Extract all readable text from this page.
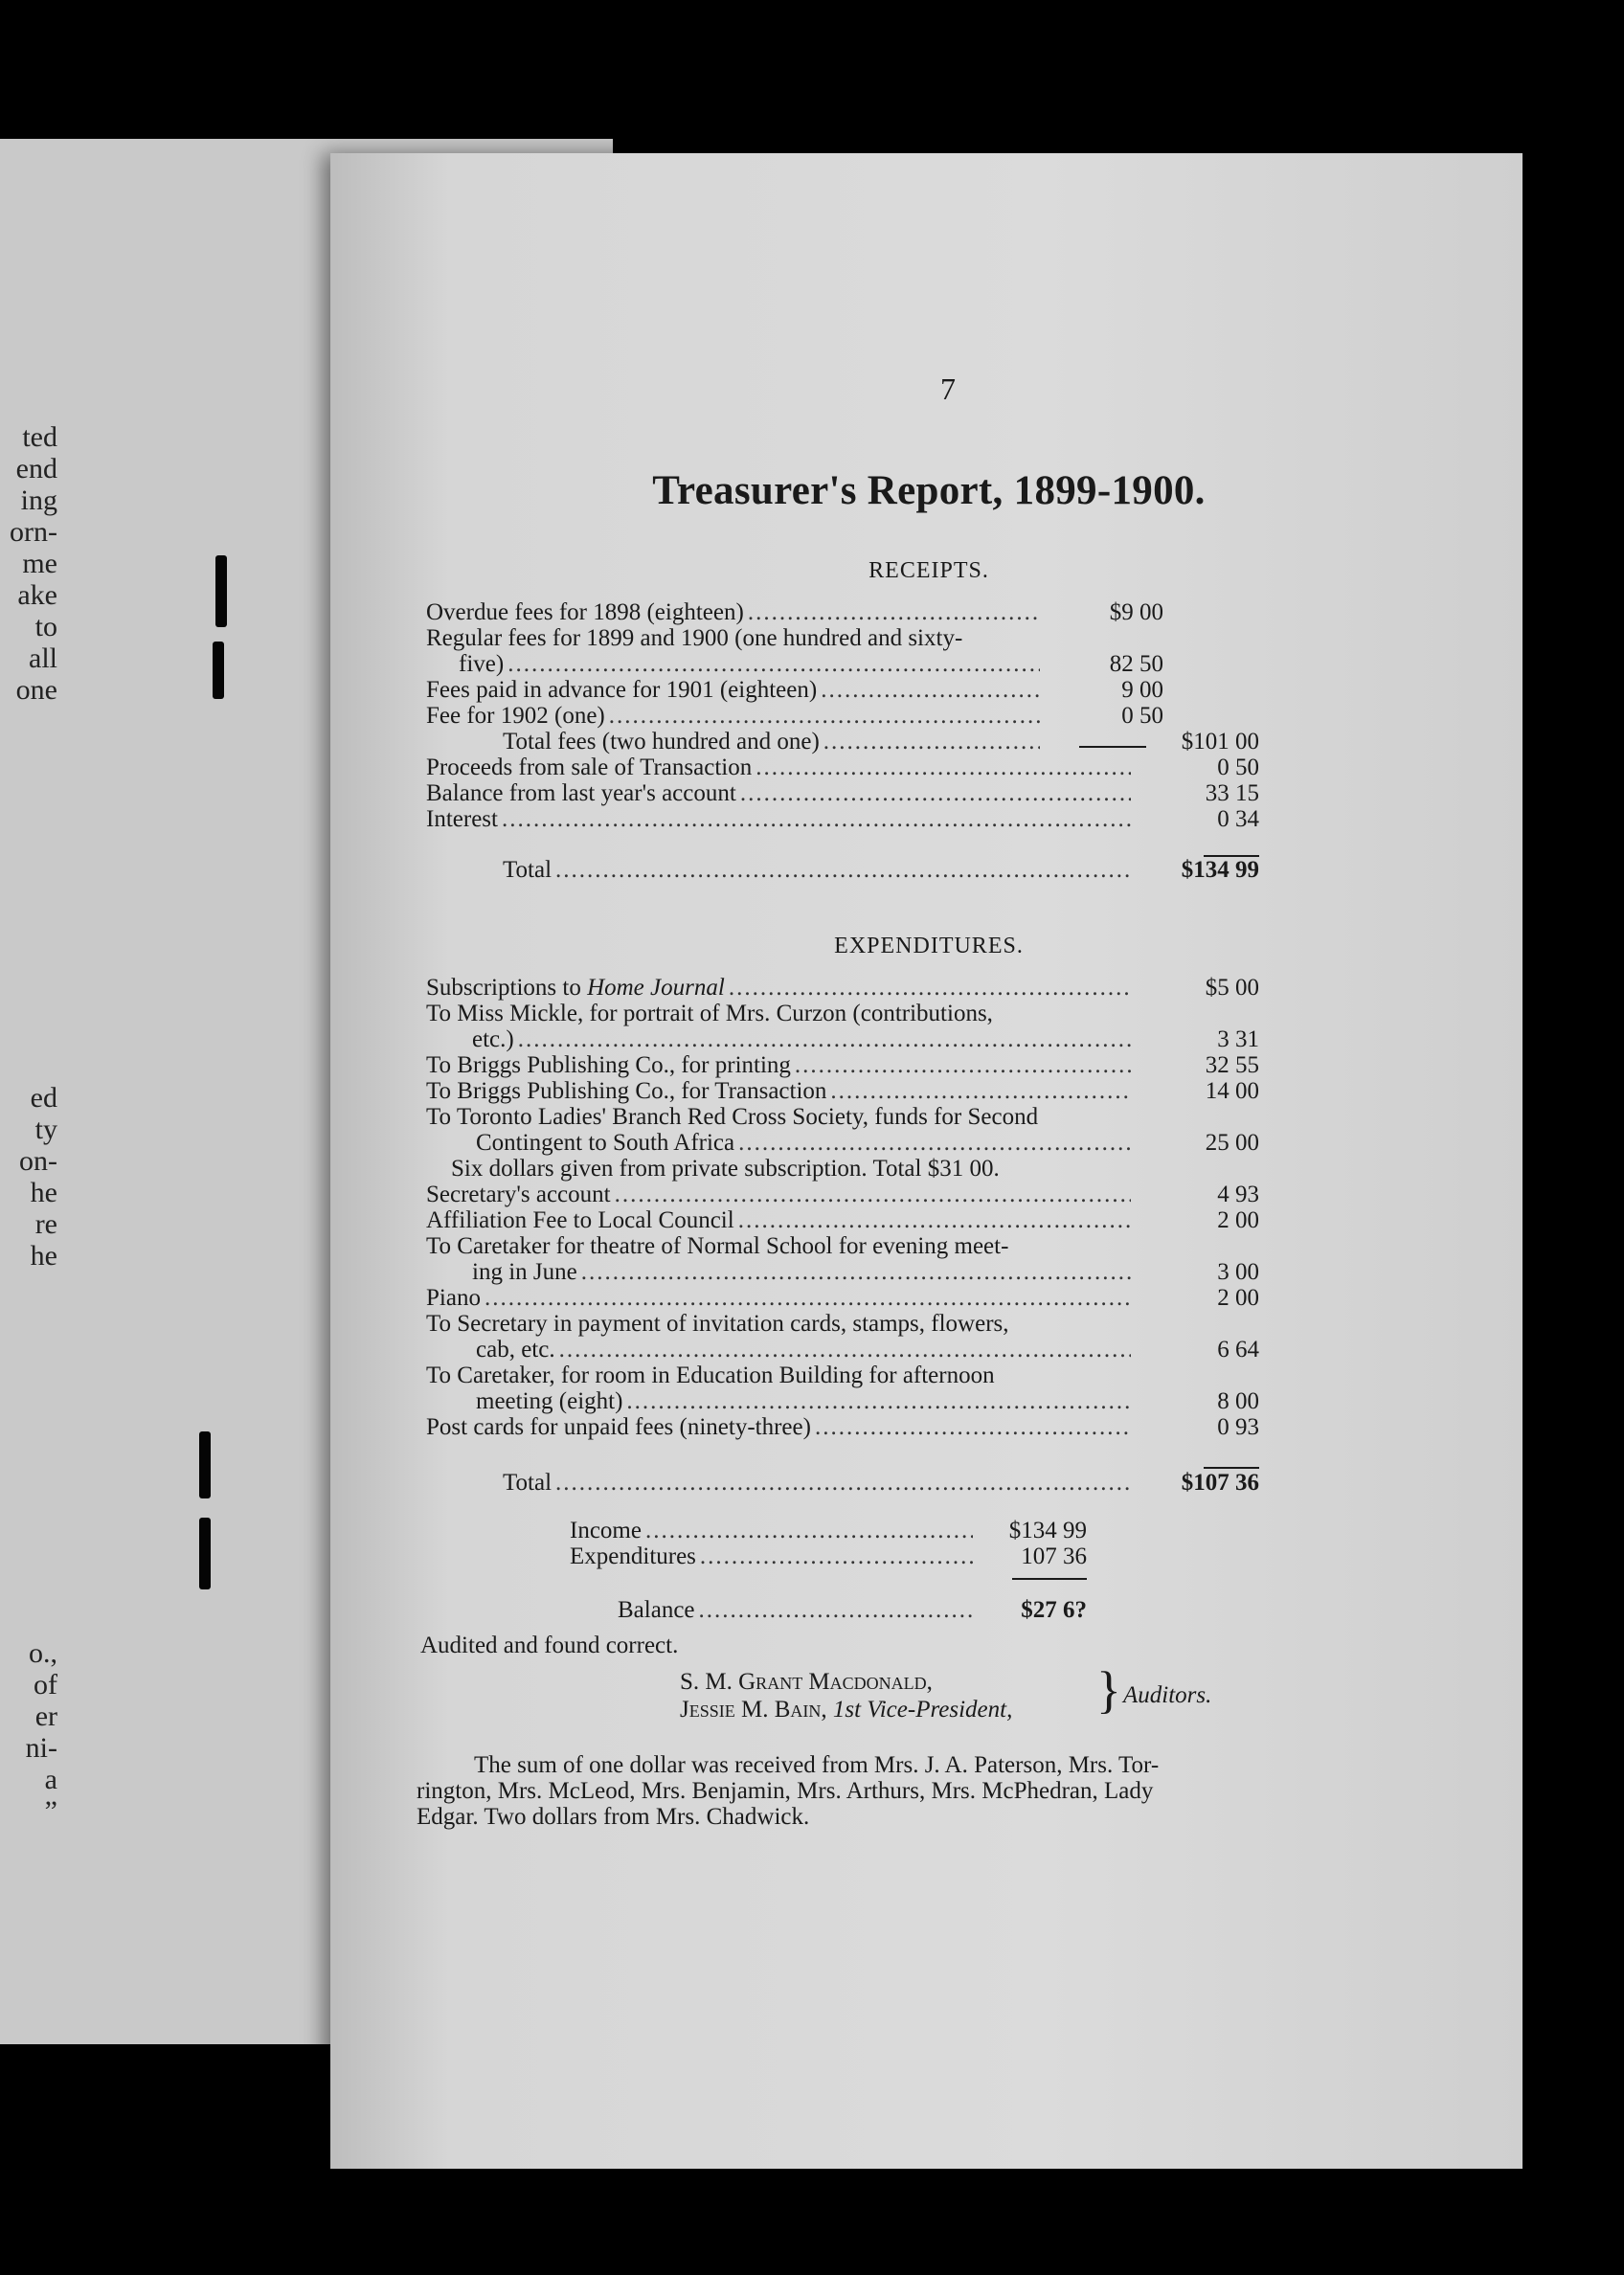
ted
end
ing
orn-
me
ake
to
all
one
ed
ty
on-
he
re
he
o.,
of
er
ni-
a
”
7
Treasurer's Report, 1899-1900.
RECEIPTS.
Overdue fees for 1898 (eighteen) .....	$9 00
Regular fees for 1899 and 1900 (one hundred and sixty-
five) .....	82 50
Fees paid in advance for 1901 (eighteen) .....	9 00
Fee for 1902 (one) .....	0 50
Total fees (two hundred and one) .....	$101 00
Proceeds from sale of Transaction .....	0 50
Balance from last year's account .....	33 15
Interest .....	0 34
Total .....	$134 99
EXPENDITURES.
Subscriptions to Home Journal .....	$5 00
To Miss Mickle, for portrait of Mrs. Curzon (contributions,
etc.) .....	3 31
To Briggs Publishing Co., for printing .....	32 55
To Briggs Publishing Co., for Transaction .....	14 00
To Toronto Ladies' Branch Red Cross Society, funds for Second
Contingent to South Africa .....	25 00
Six dollars given from private subscription. Total $31 00.
Secretary's account .....	4 93
Affiliation Fee to Local Council .....	2 00
To Caretaker for theatre of Normal School for evening meet-
ing in June .....	3 00
Piano .....	2 00
To Secretary in payment of invitation cards, stamps, flowers,
cab, etc. .....	6 64
To Caretaker, for room in Education Building for afternoon
meeting (eight) .....	8 00
Post cards for unpaid fees (ninety-three) .....	0 93
Total .....	$107 36
Income .....	$134 99
Expenditures .....	107 36
Balance .....	$27 6?
Audited and found correct.
S. M. Grant Macdonald,
Jessie M. Bain, 1st Vice-President, } Auditors.
The sum of one dollar was received from Mrs. J. A. Paterson, Mrs. Tor-
rington, Mrs. McLeod, Mrs. Benjamin, Mrs. Arthurs, Mrs. McPhedran, Lady
Edgar. Two dollars from Mrs. Chadwick.
